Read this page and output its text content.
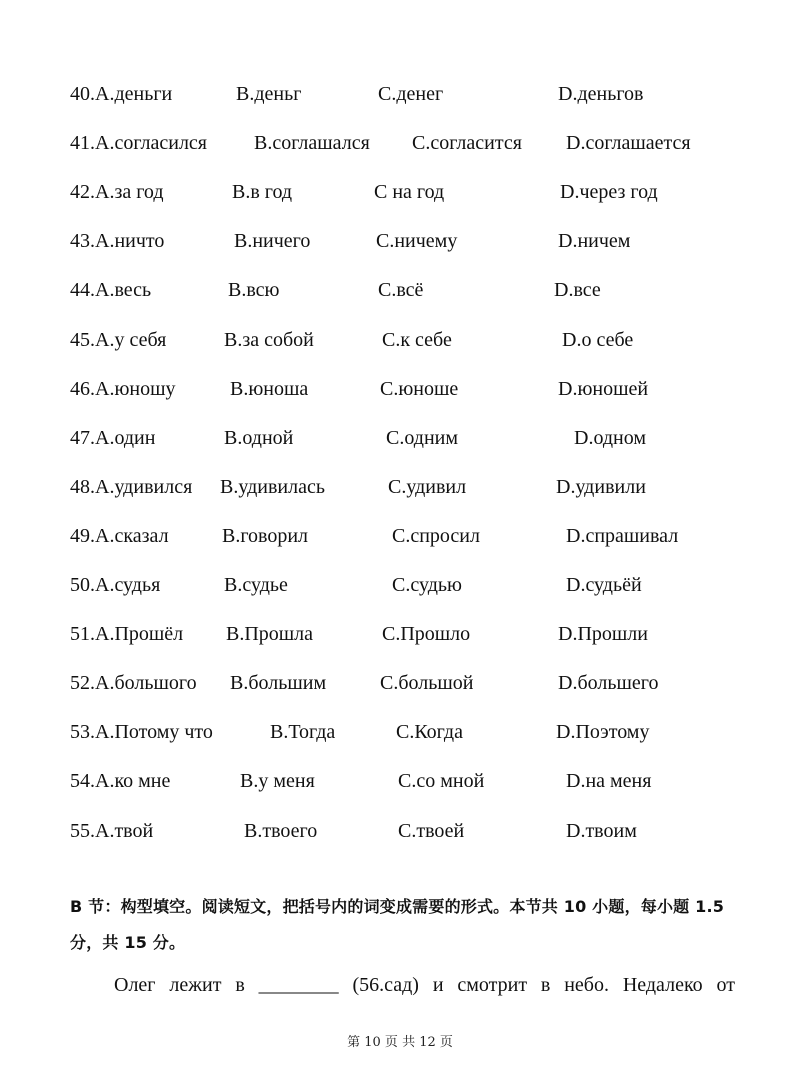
40.A.деньги	B.деньг	C.денег	D.деньгов
41.A.согласился B.соглашался C.согласится D.соглашается
42.A.за год	B.в год	C на год	D.через год
43.A.ничто	B.ничего	C.ничему	D.ничем
44.A.весь	B.всю	C.всё	D.все
45.A.у себя	B.за собой	C.к себе	D.о себе
46.A.юношу	B.юноша	C.юноше	D.юношей
47.A.один	B.одной	C.одним	D.одном
48.A.удивился B.удивилась	C.удивил	D.удивили
49.A.сказал	B.говорил	C.спросил	D.спрашивал
50.A.судья	B.судье	C.судью	D.судьёй
51.A.Прошёл B.Прошла	C.Прошло	D.Прошли
52.A.большого B.большим	C.большой	D.большего
53.A.Потому что	B.Тогда	C.Когда	D.Поэтому
54.A.ко мне	B.у меня	C.со мной	D.на меня
55.A.твой	B.твоего	C.твоей	D.твоим
B 节：构型填空。阅读短文，把括号内的词变成需要的形式。本节共 10 小题，每小题 1.5 分，共 15 分。
Олег лежит в ________ (56.сад) и смотрит в небо. Недалеко от
第 10 页 共 12 页
